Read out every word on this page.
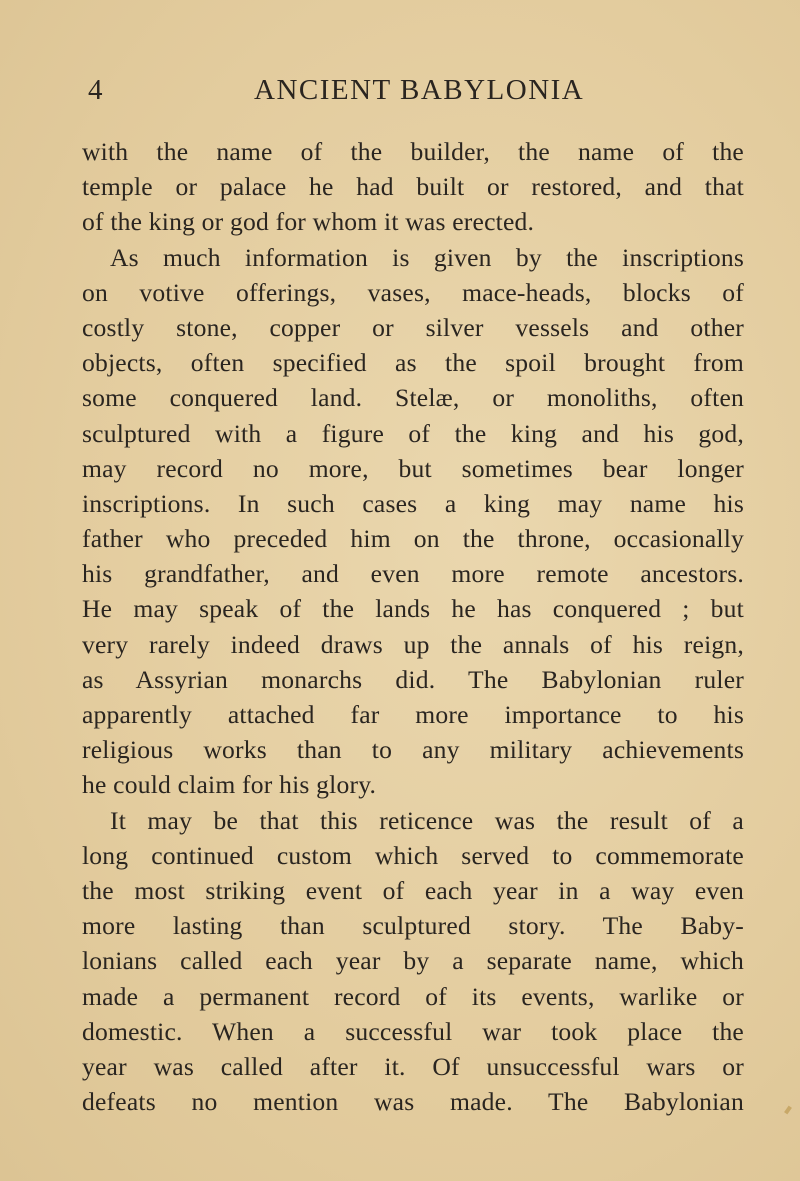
4	ANCIENT BABYLONIA
with the name of the builder, the name of the
temple or palace he had built or restored, and that
of the king or god for whom it was erected.
As much information is given by the inscriptions
on votive offerings, vases, mace-heads, blocks of
costly stone, copper or silver vessels and other
objects, often specified as the spoil brought from
some conquered land. Stelæ, or monoliths, often
sculptured with a figure of the king and his god,
may record no more, but sometimes bear longer
inscriptions. In such cases a king may name his
father who preceded him on the throne, occasionally
his grandfather, and even more remote ancestors.
He may speak of the lands he has conquered ; but
very rarely indeed draws up the annals of his reign,
as Assyrian monarchs did. The Babylonian ruler
apparently attached far more importance to his
religious works than to any military achievements
he could claim for his glory.
It may be that this reticence was the result of a
long continued custom which served to commemorate
the most striking event of each year in a way even
more lasting than sculptured story. The Baby-
lonians called each year by a separate name, which
made a permanent record of its events, warlike or
domestic. When a successful war took place the
year was called after it. Of unsuccessful wars or
defeats no mention was made. The Babylonian
